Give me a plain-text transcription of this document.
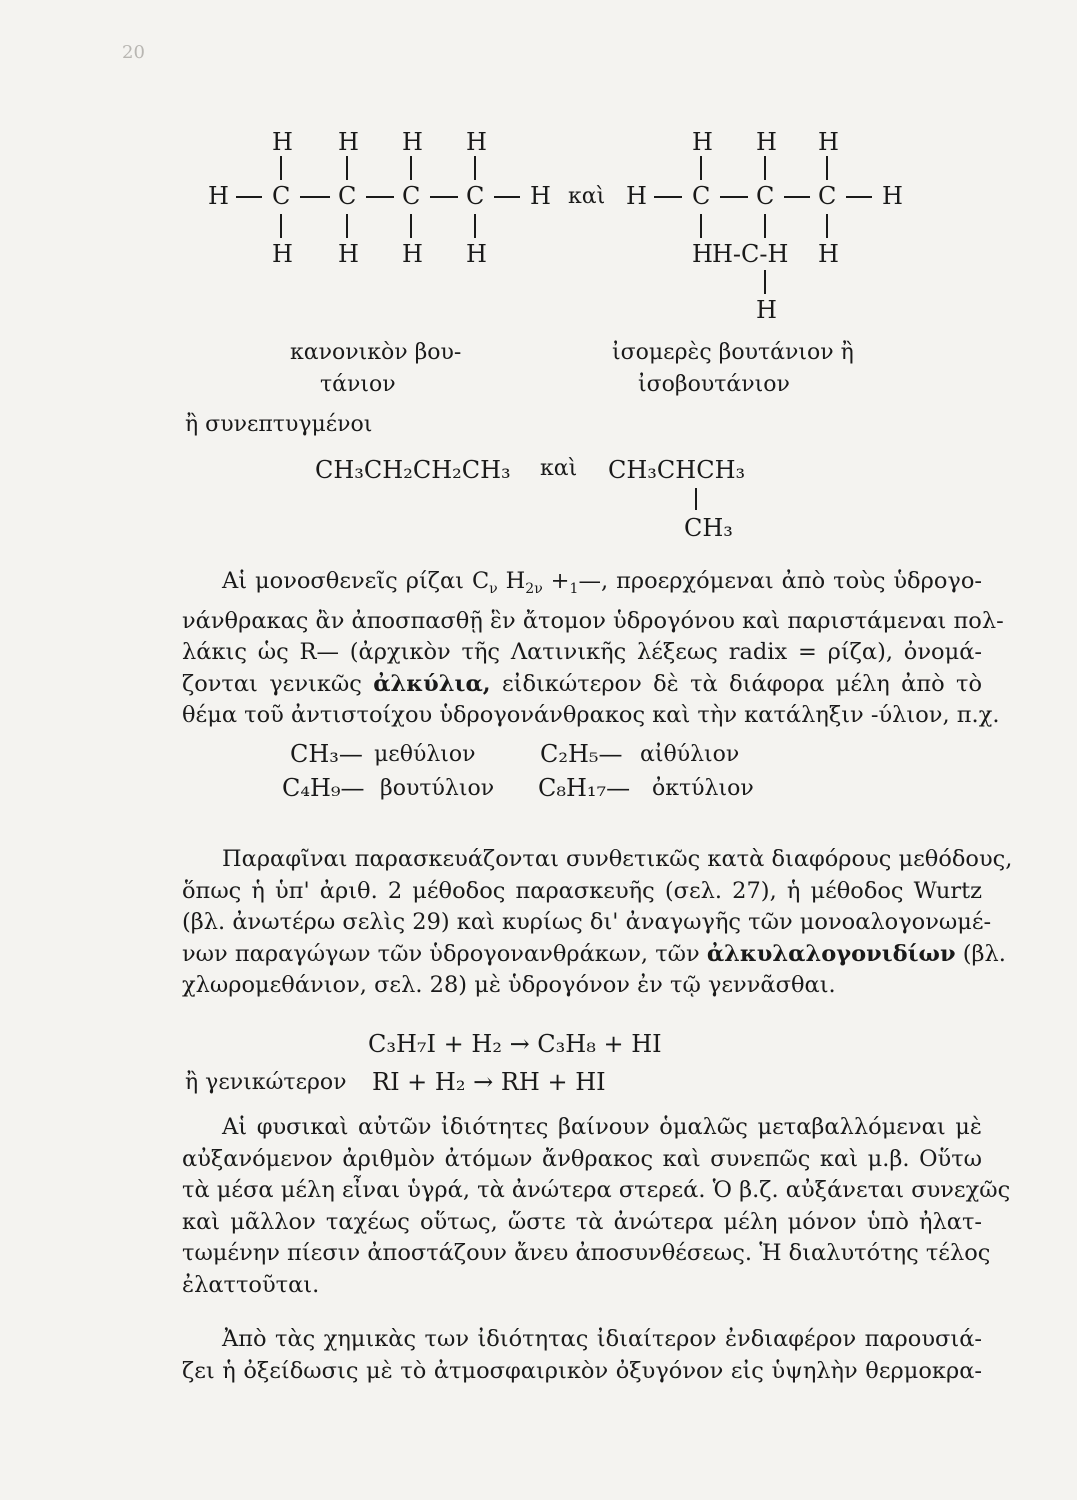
20
H H H H
H C C C C H
H H H H
καὶ
H H H
H C C C H
H H-C-H H
H
κανονικὸν βου-
τάνιον
ἰσομερὲς βουτάνιον ἢ
ἰσοβουτάνιον
ἢ συνεπτυγμένοι
CH₃CH₂CH₂CH₃ καὶ CH₃CHCH₃
CH₃
Αἱ μονοσθενεῖς ρίζαι $C_\nu$ $H_{2\nu}$ $+_1—$, προερχόμεναι ἀπὸ τοὺς ὑδρογο-
νάνθρακας ἂν ἀποσπασθῇ ἓν ἄτομον ὑδρογόνου καὶ παριστάμεναι πολ-
λάκις ὡς R— (ἀρχικὸν τῆς Λατινικῆς λέξεως radix = ρίζα), ὀνομά-
ζονται γενικῶς ἀλκύλια, εἰδικώτερον δὲ τὰ διάφορα μέλη ἀπὸ τὸ
θέμα τοῦ ἀντιστοίχου ὑδρογονάνθρακος καὶ τὴν κατάληξιν -ύλιον, π.χ.
CH₃— μεθύλιον	C₂H₅— αἰθύλιον
C₄H₉— βουτύλιον C₈H₁₇— ὀκτύλιον
Παραφῖναι παρασκευάζονται συνθετικῶς κατὰ διαφόρους μεθόδους,
ὅπως ἡ ὑπ' ἀριθ. 2 μέθοδος παρασκευῆς (σελ. 27), ἡ μέθοδος Wurtz
(βλ. ἀνωτέρω σελὶς 29) καὶ κυρίως δι' ἀναγωγῆς τῶν μονοαλογονωμέ-
νων παραγώγων τῶν ὑδρογονανθράκων, τῶν ἀλκυλαλογονιδίων (βλ.
χλωρομεθάνιον, σελ. 28) μὲ ὑδρογόνον ἐν τῷ γεννᾶσθαι.
C₃H₇I + H₂ → C₃H₈ + HI
ἢ γενικώτερον RI + H₂ → RH + HI
Αἱ φυσικαὶ αὐτῶν ἰδιότητες βαίνουν ὁμαλῶς μεταβαλλόμεναι μὲ
αὐξανόμενον ἀριθμὸν ἀτόμων ἄνθρακος καὶ συνεπῶς καὶ μ.β. Οὕτω
τὰ μέσα μέλη εἶναι ὑγρά, τὰ ἀνώτερα στερεά. Ὁ β.ζ. αὐξάνεται συνεχῶς
καὶ μᾶλλον ταχέως οὕτως, ὥστε τὰ ἀνώτερα μέλη μόνον ὑπὸ ἠλατ-
τωμένην πίεσιν ἀποστάζουν ἄνευ ἀποσυνθέσεως. Ἡ διαλυτότης τέλος
ἐλαττοῦται.
Ἀπὸ τὰς χημικὰς των ἰδιότητας ἰδιαίτερον ἐνδιαφέρον παρουσιά-
ζει ἡ ὀξείδωσις μὲ τὸ ἀτμοσφαιρικὸν ὀξυγόνον εἰς ὑψηλὴν θερμοκρα-
